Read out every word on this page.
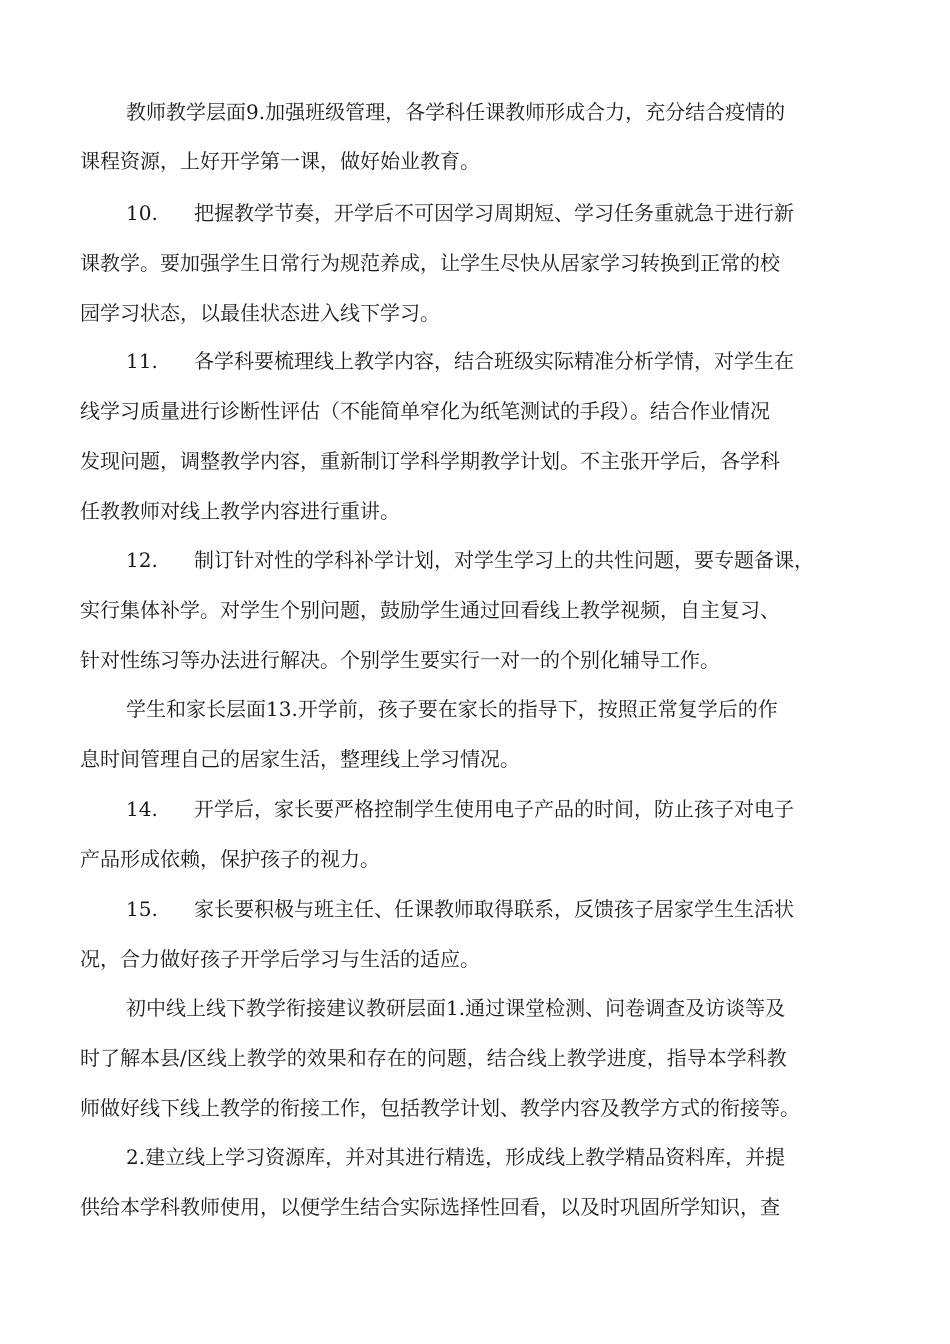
教师教学层面9.加强班级管理，各学科任课教师形成合力，充分结合疫情的
课程资源，上好开学第一课，做好始业教育。
10. 把握教学节奏，开学后不可因学习周期短、学习任务重就急于进行新
课教学。要加强学生日常行为规范养成，让学生尽快从居家学习转换到正常的校
园学习状态，以最佳状态进入线下学习。
11. 各学科要梳理线上教学内容，结合班级实际精准分析学情，对学生在
线学习质量进行诊断性评估（不能简单窄化为纸笔测试的手段）。结合作业情况
发现问题，调整教学内容，重新制订学科学期教学计划。不主张开学后，各学科
任教教师对线上教学内容进行重讲。
12. 制订针对性的学科补学计划，对学生学习上的共性问题，要专题备课，
实行集体补学。对学生个别问题，鼓励学生通过回看线上教学视频，自主复习、
针对性练习等办法进行解决。个别学生要实行一对一的个别化辅导工作。
学生和家长层面13.开学前，孩子要在家长的指导下，按照正常复学后的作
息时间管理自己的居家生活，整理线上学习情况。
14. 开学后，家长要严格控制学生使用电子产品的时间，防止孩子对电子
产品形成依赖，保护孩子的视力。
15. 家长要积极与班主任、任课教师取得联系，反馈孩子居家学生生活状
况，合力做好孩子开学后学习与生活的适应。
初中线上线下教学衔接建议教研层面1.通过课堂检测、问卷调查及访谈等及
时了解本县/区线上教学的效果和存在的问题，结合线上教学进度，指导本学科教
师做好线下线上教学的衔接工作，包括教学计划、教学内容及教学方式的衔接等。
2.建立线上学习资源库，并对其进行精选，形成线上教学精品资料库，并提
供给本学科教师使用，以便学生结合实际选择性回看，以及时巩固所学知识，查
